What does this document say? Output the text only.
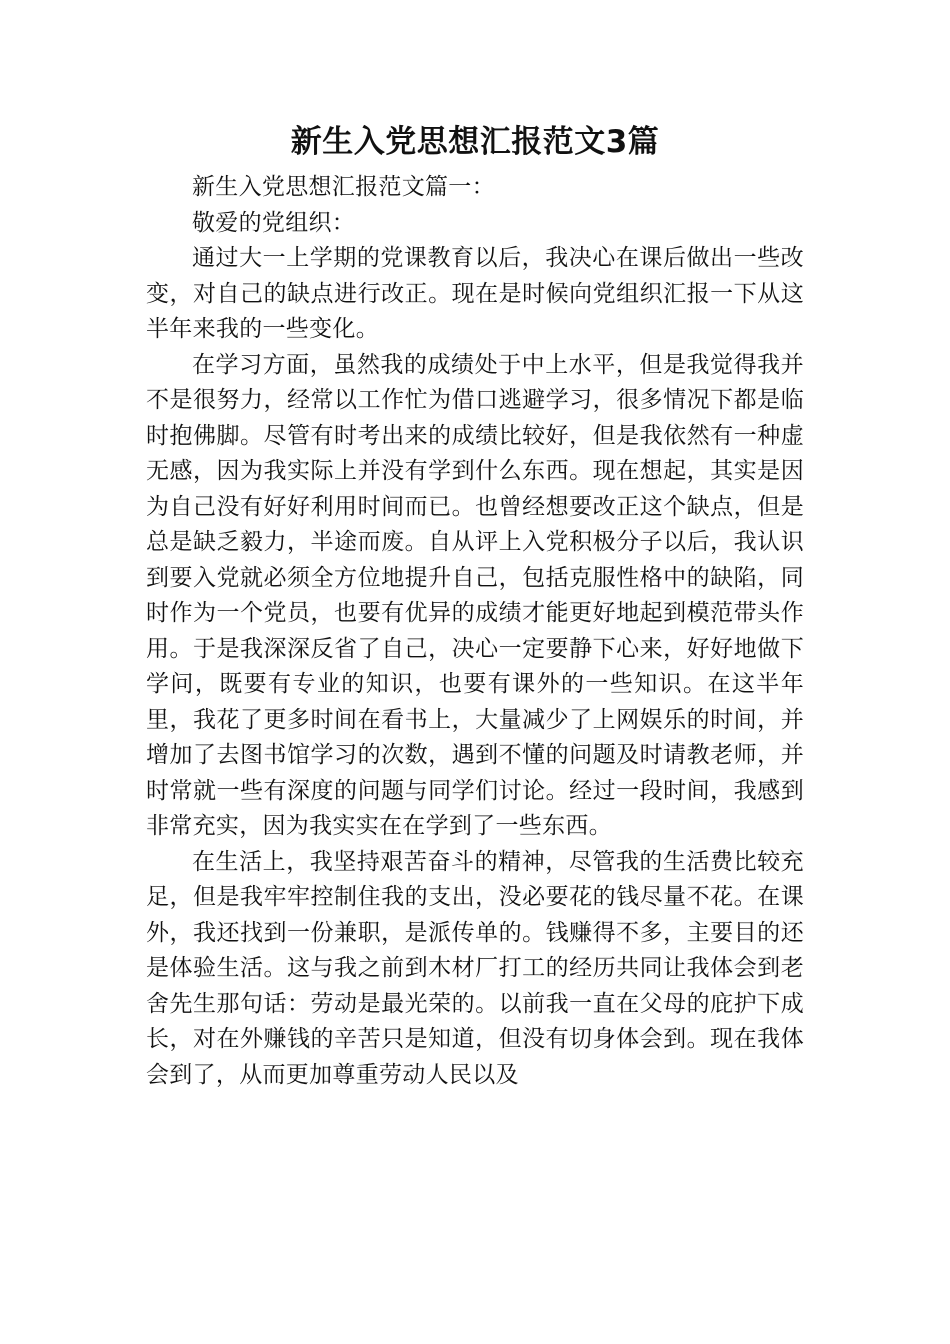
新生入党思想汇报范文3篇

新生入党思想汇报范文篇一：

敬爱的党组织：

通过大一上学期的党课教育以后，我决心在课后做出一些改变，对自己的缺点进行改正。现在是时候向党组织汇报一下从这半年来我的一些变化。

在学习方面，虽然我的成绩处于中上水平，但是我觉得我并不是很努力，经常以工作忙为借口逃避学习，很多情况下都是临时抱佛脚。尽管有时考出来的成绩比较好，但是我依然有一种虚无感，因为我实际上并没有学到什么东西。现在想起，其实是因为自己没有好好利用时间而已。也曾经想要改正这个缺点，但是总是缺乏毅力，半途而废。自从评上入党积极分子以后，我认识到要入党就必须全方位地提升自己，包括克服性格中的缺陷，同时作为一个党员，也要有优异的成绩才能更好地起到模范带头作用。于是我深深反省了自己，决心一定要静下心来，好好地做下学问，既要有专业的知识，也要有课外的一些知识。在这半年里，我花了更多时间在看书上，大量减少了上网娱乐的时间，并增加了去图书馆学习的次数，遇到不懂的问题及时请教老师，并时常就一些有深度的问题与同学们讨论。经过一段时间，我感到非常充实，因为我实实在在学到了一些东西。

在生活上，我坚持艰苦奋斗的精神，尽管我的生活费比较充足，但是我牢牢控制住我的支出，没必要花的钱尽量不花。在课外，我还找到一份兼职，是派传单的。钱赚得不多，主要目的还是体验生活。这与我之前到木材厂打工的经历共同让我体会到老舍先生那句话：劳动是最光荣的。以前我一直在父母的庇护下成长，对在外赚钱的辛苦只是知道，但没有切身体会到。现在我体会到了，从而更加尊重劳动人民以及
